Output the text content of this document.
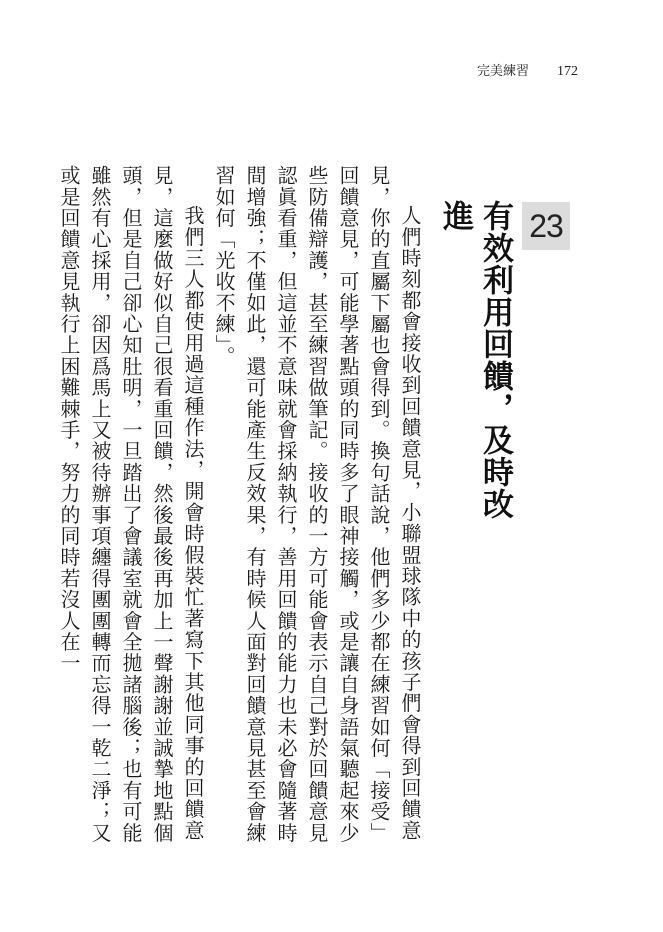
完美練習 172
23
有效利用回饋，及時改進

人們時刻都會接收到回饋意見，小聯盟球隊中的孩子們會得到回饋意見，你的直屬下屬也會得到。換句話說，他們多少都在練習如何「接受」回饋意見，可能學著點頭的同時多了眼神接觸，或是讓自身語氣聽起來少些防備辯護，甚至練習做筆記。接收的一方可能會表示自己對於回饋意見認眞看重，但這並不意味就會採納執行，善用回饋的能力也未必會隨著時間增強；不僅如此，還可能產生反效果，有時候人面對回饋意見甚至會練習如何「光收不練」。

我們三人都使用過這種作法，開會時假裝忙著寫下其他同事的回饋意見，這麼做好似自己很看重回饋，然後最後再加上一聲謝謝並誠摯地點個頭，但是自己卻心知肚明，一旦踏出了會議室就會全拋諸腦後；也有可能雖然有心採用，卻因爲馬上又被待辦事項纏得團團轉而忘得一乾二淨；又或是回饋意見執行上困難棘手，努力的同時若沒人在一
